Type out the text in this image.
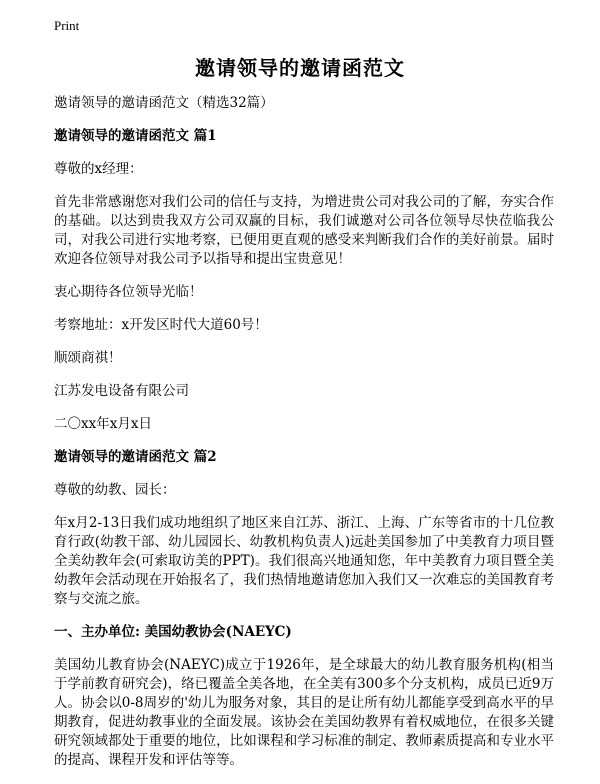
Print
邀请领导的邀请函范文

邀请领导的邀请函范文（精选32篇）

邀请领导的邀请函范文 篇1

尊敬的x经理：

首先非常感谢您对我们公司的信任与支持，为增进贵公司对我公司的了解，夯实合作的基础。以达到贵我双方公司双赢的目标，我们诚邀对公司各位领导尽快莅临我公司，对我公司进行实地考察，已便用更直观的感受来判断我们合作的美好前景。届时欢迎各位领导对我公司予以指导和提出宝贵意见！

衷心期待各位领导光临！

考察地址：x开发区时代大道60号！

顺颂商祺！

江苏发电设备有限公司

二〇xx年x月x日

邀请领导的邀请函范文 篇2

尊敬的幼教、园长：

年x月2-13日我们成功地组织了地区来自江苏、浙江、上海、广东等省市的十几位教育行政(幼教干部、幼儿园园长、幼教机构负责人)远赴美国参加了中美教育力项目暨全美幼教年会(可索取访美的PPT)。我们很高兴地通知您，年中美教育力项目暨全美幼教年会活动现在开始报名了，我们热情地邀请您加入我们又一次难忘的美国教育考察与交流之旅。

一、主办单位: 美国幼教协会(NAEYC)

美国幼儿教育协会(NAEYC)成立于1926年，是全球最大的幼儿教育服务机构(相当于学前教育研究会)，络已覆盖全美各地，在全美有300多个分支机构，成员已近9万人。协会以0-8周岁的'幼儿为服务对象，其目的是让所有幼儿都能享受到高水平的早期教育，促进幼教事业的全面发展。该协会在美国幼教界有着权威地位，在很多关键研究领域都处于重要的地位，比如课程和学习标准的制定、教师素质提高和专业水平的提高、课程开发和评估等等。
